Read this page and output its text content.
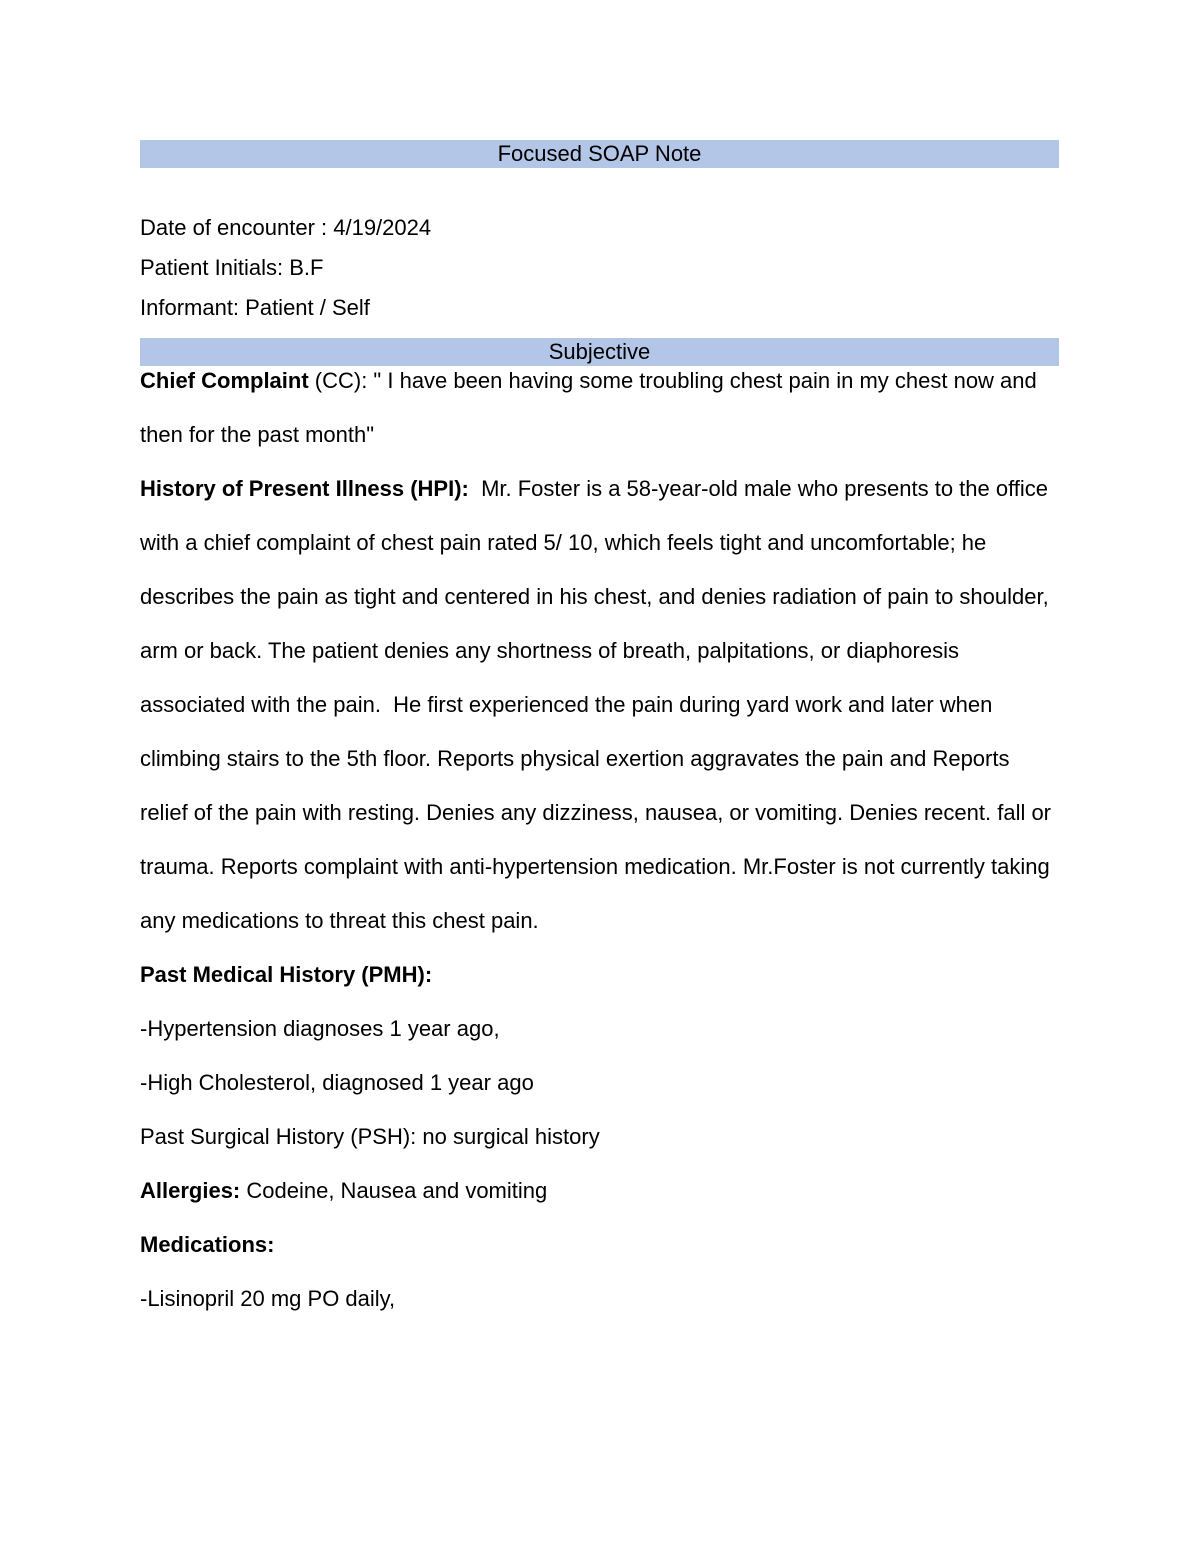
Focused SOAP Note
Date of encounter : 4/19/2024
Patient Initials: B.F
Informant: Patient / Self
Subjective

Chief Complaint (CC): " I have been having some troubling chest pain in my chest now and then for the past month"

History of Present Illness (HPI):  Mr. Foster is a 58-year-old male who presents to the office with a chief complaint of chest pain rated 5/ 10, which feels tight and uncomfortable; he describes the pain as tight and centered in his chest, and denies radiation of pain to shoulder, arm or back. The patient denies any shortness of breath, palpitations, or diaphoresis associated with the pain.  He first experienced the pain during yard work and later when climbing stairs to the 5th floor. Reports physical exertion aggravates the pain and Reports relief of the pain with resting. Denies any dizziness, nausea, or vomiting. Denies recent. fall or trauma. Reports complaint with anti-hypertension medication. Mr.Foster is not currently taking any medications to threat this chest pain.

Past Medical History (PMH):

-Hypertension diagnoses 1 year ago,

-High Cholesterol, diagnosed 1 year ago

Past Surgical History (PSH): no surgical history

Allergies: Codeine, Nausea and vomiting

Medications:

-Lisinopril 20 mg PO daily,
